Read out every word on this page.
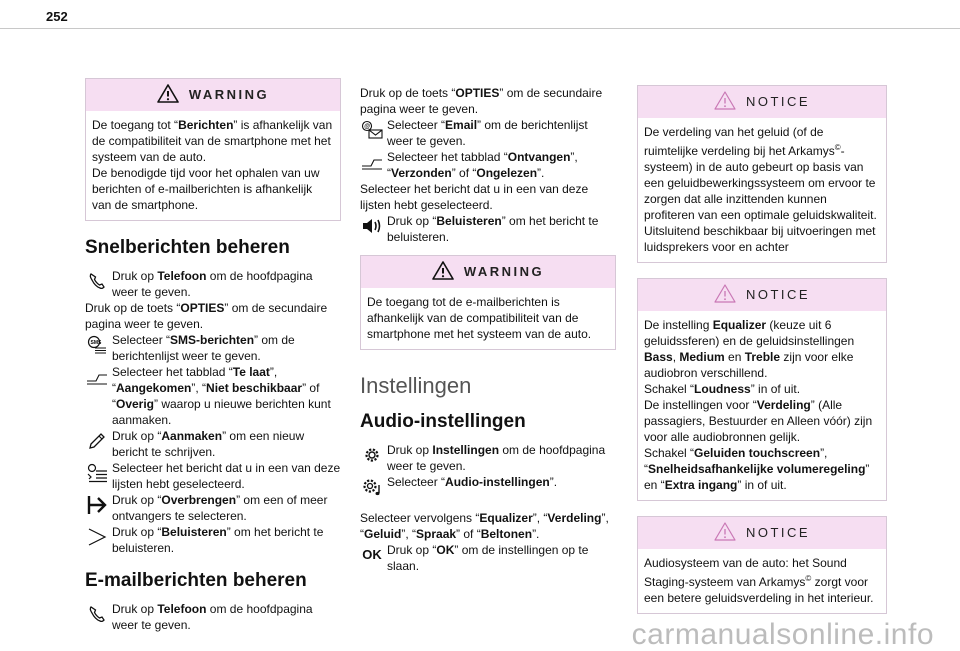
252
WARNING

De toegang tot “Berichten” is afhankelijk van de compatibiliteit van de smartphone met het systeem van de auto.

De benodigde tijd voor het ophalen van uw berichten of e-mailberichten is afhankelijk van de smartphone.

Snelberichten beheren

Druk op Telefoon om de hoofdpagina weer te geven.

Druk op de toets “OPTIES” om de secundaire pagina weer te geven.

SMS Selecteer “SMS-berichten” om de berichtenlijst weer te geven.

Selecteer het tabblad “Te laat”, “Aangekomen”, “Niet beschikbaar” of “Overig” waarop u nieuwe berichten kunt aanmaken.

Druk op “Aanmaken” om een nieuw bericht te schrijven.

Selecteer het bericht dat u in een van deze lijsten hebt geselecteerd.

Druk op “Overbrengen” om een of meer ontvangers te selecteren.

Druk op “Beluisteren” om het bericht te beluisteren.

E-mailberichten beheren

Druk op Telefoon om de hoofdpagina weer te geven.

Druk op de toets “OPTIES” om de secundaire pagina weer te geven.

@ Selecteer “Email” om de berichtenlijst weer te geven.

Selecteer het tabblad “Ontvangen”, “Verzonden” of “Ongelezen”.

Selecteer het bericht dat u in een van deze lijsten hebt geselecteerd.

Druk op “Beluisteren” om het bericht te beluisteren.

WARNING

De toegang tot de e-mailberichten is afhankelijk van de compatibiliteit van de smartphone met het systeem van de auto.

Instellingen
Audio-instellingen

Druk op Instellingen om de hoofdpagina weer te geven.

Selecteer “Audio-instellingen”.

Selecteer vervolgens “Equalizer”, “Verdeling”, “Geluid”, “Spraak” of “Beltonen”.

OK Druk op “OK” om de instellingen op te slaan.

NOTICE

De verdeling van het geluid (of de ruimtelijke verdeling bij het Arkamys©-systeem) in de auto gebeurt op basis van een geluidbewerkingssysteem om ervoor te zorgen dat alle inzittenden kunnen profiteren van een optimale geluidskwaliteit.

Uitsluitend beschikbaar bij uitvoeringen met luidsprekers voor en achter

NOTICE

De instelling Equalizer (keuze uit 6 geluidssferen) en de geluidsinstellingen Bass, Medium en Treble zijn voor elke audiobron verschillend.

Schakel “Loudness” in of uit.

De instellingen voor “Verdeling” (Alle passagiers, Bestuurder en Alleen vóór) zijn voor alle audiobronnen gelijk.

Schakel “Geluiden touchscreen”, “Snelheidsafhankelijke volumeregeling” en “Extra ingang” in of uit.

NOTICE

Audiosysteem van de auto: het Sound Staging-systeem van Arkamys© zorgt voor een betere geluidsverdeling in het interieur.

carmanualsonline.info
